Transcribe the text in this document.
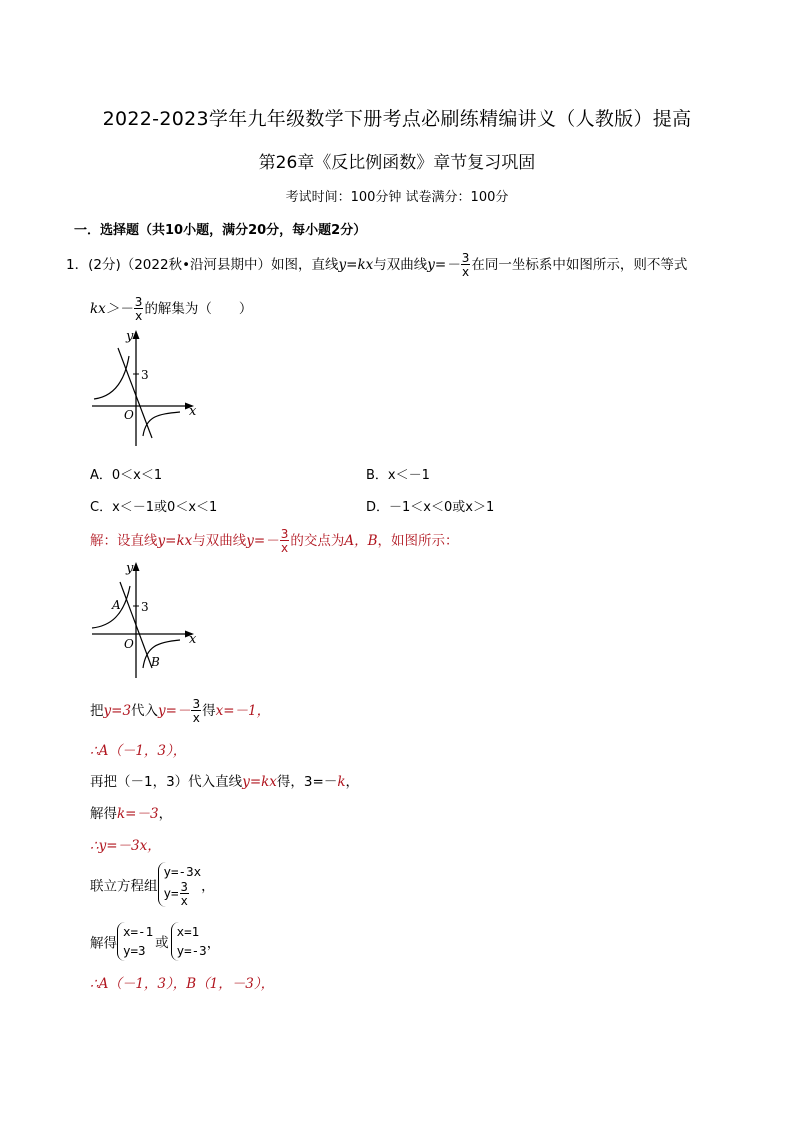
2022-2023学年九年级数学下册考点必刷练精编讲义（人教版）提高
第26章《反比例函数》章节复习巩固
考试时间：100分钟 试卷满分：100分
一．选择题（共10小题，满分20分，每小题2分）
1．(2分)（2022秋•沿河县期中）如图，直线y=kx与双曲线$y=- \frac{3}{x}$ 在同一坐标系中如图所示，则不等式
$kx>- \frac{3}{x}$ 的解集为（　　）
y
x
O
3
A．0＜x＜1	B．x＜－1
C．x＜－1或0＜x＜1	D．－1＜x＜0或x＞1
解：设直线y=kx与双曲线$y=- \frac{3}{x}$ 的交点为A，B，如图所示：
y
x
O
3
A
B
把y=3代入$y=- \frac{3}{x}$ 得x=－1，
∴A（－1，3），
再把（－1，3）代入直线y=kx得，3=－k，
解得k=－3，
∴y=－3x，
联立方程组
y=-3x
$y= \frac{3}{x}$ ，
解得
x=-1
y=3 或
x=1
y=-3 ，
∴A（－1，3），B（1，－3），
